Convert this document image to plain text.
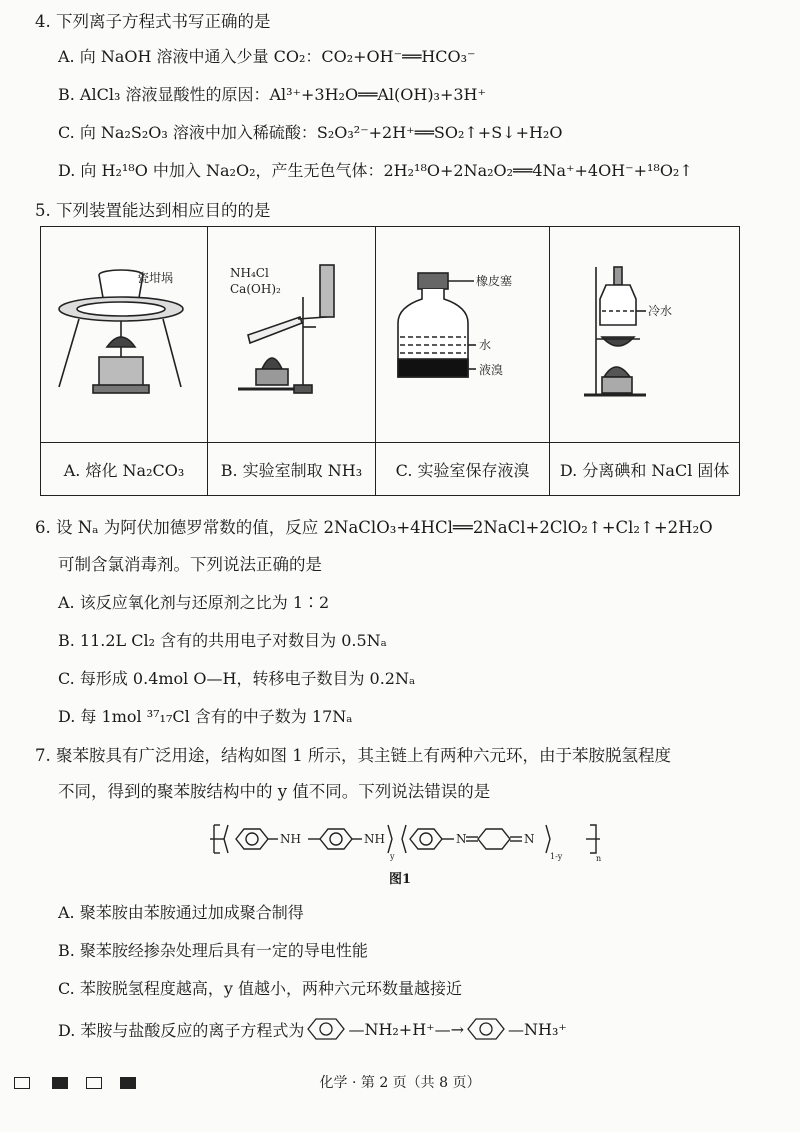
4. 下列离子方程式书写正确的是
A. 向 NaOH 溶液中通入少量 CO₂：CO₂+OH⁻══HCO₃⁻
B. AlCl₃ 溶液显酸性的原因：Al³⁺+3H₂O══Al(OH)₃+3H⁺
C. 向 Na₂S₂O₃ 溶液中加入稀硫酸：S₂O₃²⁻+2H⁺══SO₂↑+S↓+H₂O
D. 向 H₂¹⁸O 中加入 Na₂O₂，产生无色气体：2H₂¹⁸O+2Na₂O₂══4Na⁺+4OH⁻+¹⁸O₂↑
5. 下列装置能达到相应目的的是
瓷坩埚	NH₄Cl
Ca(OH)₂	橡皮塞
水
液溴	冷水

A. 熔化 Na₂CO₃	B. 实验室制取 NH₃	C. 实验室保存液溴	D. 分离碘和 NaCl 固体
6. 设 Nₐ 为阿伏加德罗常数的值，反应 2NaClO₃+4HCl══2NaCl+2ClO₂↑+Cl₂↑+2H₂O
可制含氯消毒剂。下列说法正确的是
A. 该反应氧化剂与还原剂之比为 1∶2
B. 11.2L Cl₂ 含有的共用电子对数目为 0.5Nₐ
C. 每形成 0.4mol O—H，转移电子数目为 0.2Nₐ
D. 每 1mol ³⁷₁₇Cl 含有的中子数为 17Nₐ
7. 聚苯胺具有广泛用途，结构如图 1 所示，其主链上有两种六元环，由于苯胺脱氢程度
不同，得到的聚苯胺结构中的 y 值不同。下列说法错误的是
NH	NH
y
N	N
1-y	n
图1
A. 聚苯胺由苯胺通过加成聚合制得
B. 聚苯胺经掺杂处理后具有一定的导电性能
C. 苯胺脱氢程度越高，y 值越小，两种六元环数量越接近
D. 苯胺与盐酸反应的离子方程式为	—NH₂+H⁺—→	—NH₃⁺
化学 · 第 2 页（共 8 页）
